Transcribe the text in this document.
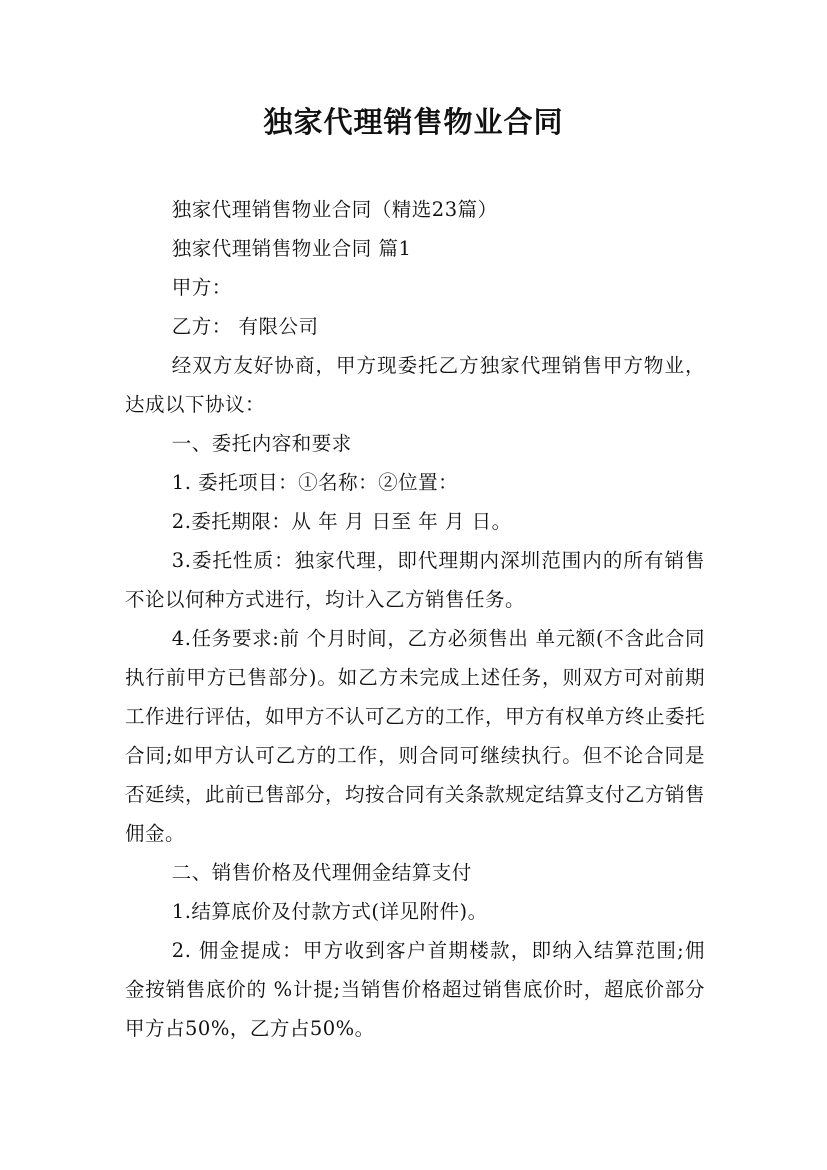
独家代理销售物业合同

独家代理销售物业合同（精选23篇）

独家代理销售物业合同 篇1

甲方：

乙方： 有限公司

经双方友好协商，甲方现委托乙方独家代理销售甲方物业，达成以下协议：

一、委托内容和要求

1. 委托项目：①名称：②位置：

2.委托期限：从 年 月 日至 年 月 日。

3.委托性质：独家代理，即代理期内深圳范围内的所有销售不论以何种方式进行，均计入乙方销售任务。

4.任务要求:前 个月时间，乙方必须售出 单元额(不含此合同执行前甲方已售部分)。如乙方未完成上述任务，则双方可对前期工作进行评估，如甲方不认可乙方的工作，甲方有权单方终止委托合同;如甲方认可乙方的工作，则合同可继续执行。但不论合同是否延续，此前已售部分，均按合同有关条款规定结算支付乙方销售佣金。

二、销售价格及代理佣金结算支付

1.结算底价及付款方式(详见附件)。

2. 佣金提成：甲方收到客户首期楼款，即纳入结算范围;佣金按销售底价的 %计提;当销售价格超过销售底价时，超底价部分甲方占50%，乙方占50%。
